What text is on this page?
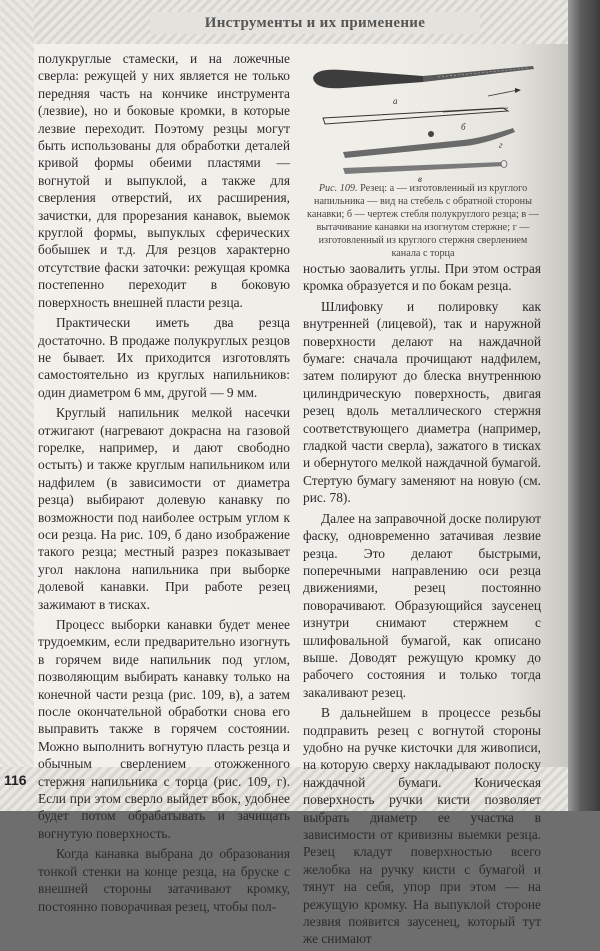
Инструменты и их применение

полукруглые стамески, и на ложечные сверла: режущей у них является не только передняя часть на кончике инструмента (лезвие), но и боковые кромки, в которые лезвие переходит. Поэтому резцы могут быть использованы для обработки деталей кривой формы обеими пластями — вогнутой и выпуклой, а также для сверления отверстий, их расширения, зачистки, для прорезания канавок, выемок круглой формы, выпуклых сферических бобышек и т.д. Для резцов характерно отсутствие фаски заточки: режущая кромка постепенно переходит в боковую поверхность внешней пласти резца.

Практически иметь два резца достаточно. В продаже полукруглых резцов не бывает. Их приходится изготовлять самостоятельно из круглых напильников: один диаметром 6 мм, другой — 9 мм.

Круглый напильник мелкой насечки отжигают (нагревают докрасна на газовой горелке, например, и дают свободно остыть) и также круглым напильником или надфилем (в зависимости от диаметра резца) выбирают долевую канавку по возможности под наиболее острым углом к оси резца. На рис. 109, б дано изображение такого резца; местный разрез показывает угол наклона напильника при выборке долевой канавки. При работе резец зажимают в тисках.

Процесс выборки канавки будет менее трудоемким, если предварительно изогнуть в горячем виде напильник под углом, позволяющим выбирать канавку только на конечной части резца (рис. 109, в), а затем после окончательной обработки снова его выправить также в горячем состоянии. Можно выполнить вогнутую пласть резца и обычным сверлением отожженного стержня напильника с торца (рис. 109, г). Если при этом сверло выйдет вбок, удобнее будет потом обрабатывать и зачищать вогнутую поверхность.

Когда канавка выбрана до образования тонкой стенки на конце резца, на бруске с внешней стороны затачивают кромку, постоянно поворачивая резец, чтобы пол-

а
б
г
в
Рис. 109. Резец: а — изготовленный из круглого напильника — вид на стебель с обратной стороны канавки; б — чертеж стебля полукруглого резца; в — вытачивание канавки на изогнутом стержне; г — изготовленный из круглого стержня сверлением канала с торца

ностью заовалить углы. При этом острая кромка образуется и по бокам резца.

Шлифовку и полировку как внутренней (лицевой), так и наружной поверхности делают на наждачной бумаге: сначала прочищают надфилем, затем полируют до блеска внутреннюю цилиндрическую поверхность, двигая резец вдоль металлического стержня соответствующего диаметра (например, гладкой части сверла), зажатого в тисках и обернутого мелкой наждачной бумагой. Стертую бумагу заменяют на новую (см. рис. 78).

Далее на заправочной доске полируют фаску, одновременно затачивая лезвие резца. Это делают быстрыми, поперечными направлению оси резца движениями, резец постоянно поворачивают. Образующийся заусенец изнутри снимают стержнем с шлифовальной бумагой, как описано выше. Доводят режущую кромку до рабочего состояния и только тогда закаливают резец.

В дальнейшем в процессе резьбы подправить резец с вогнутой стороны удобно на ручке кисточки для живописи, на которую сверху накладывают полоску наждачной бумаги. Коническая поверхность ручки кисти позволяет выбрать диаметр ее участка в зависимости от кривизны выемки резца. Резец кладут поверхностью всего желобка на ручку кисти с бумагой и тянут на себя, упор при этом — на режущую кромку. На выпуклой стороне лезвия появится заусенец, который тут же снимают

116
